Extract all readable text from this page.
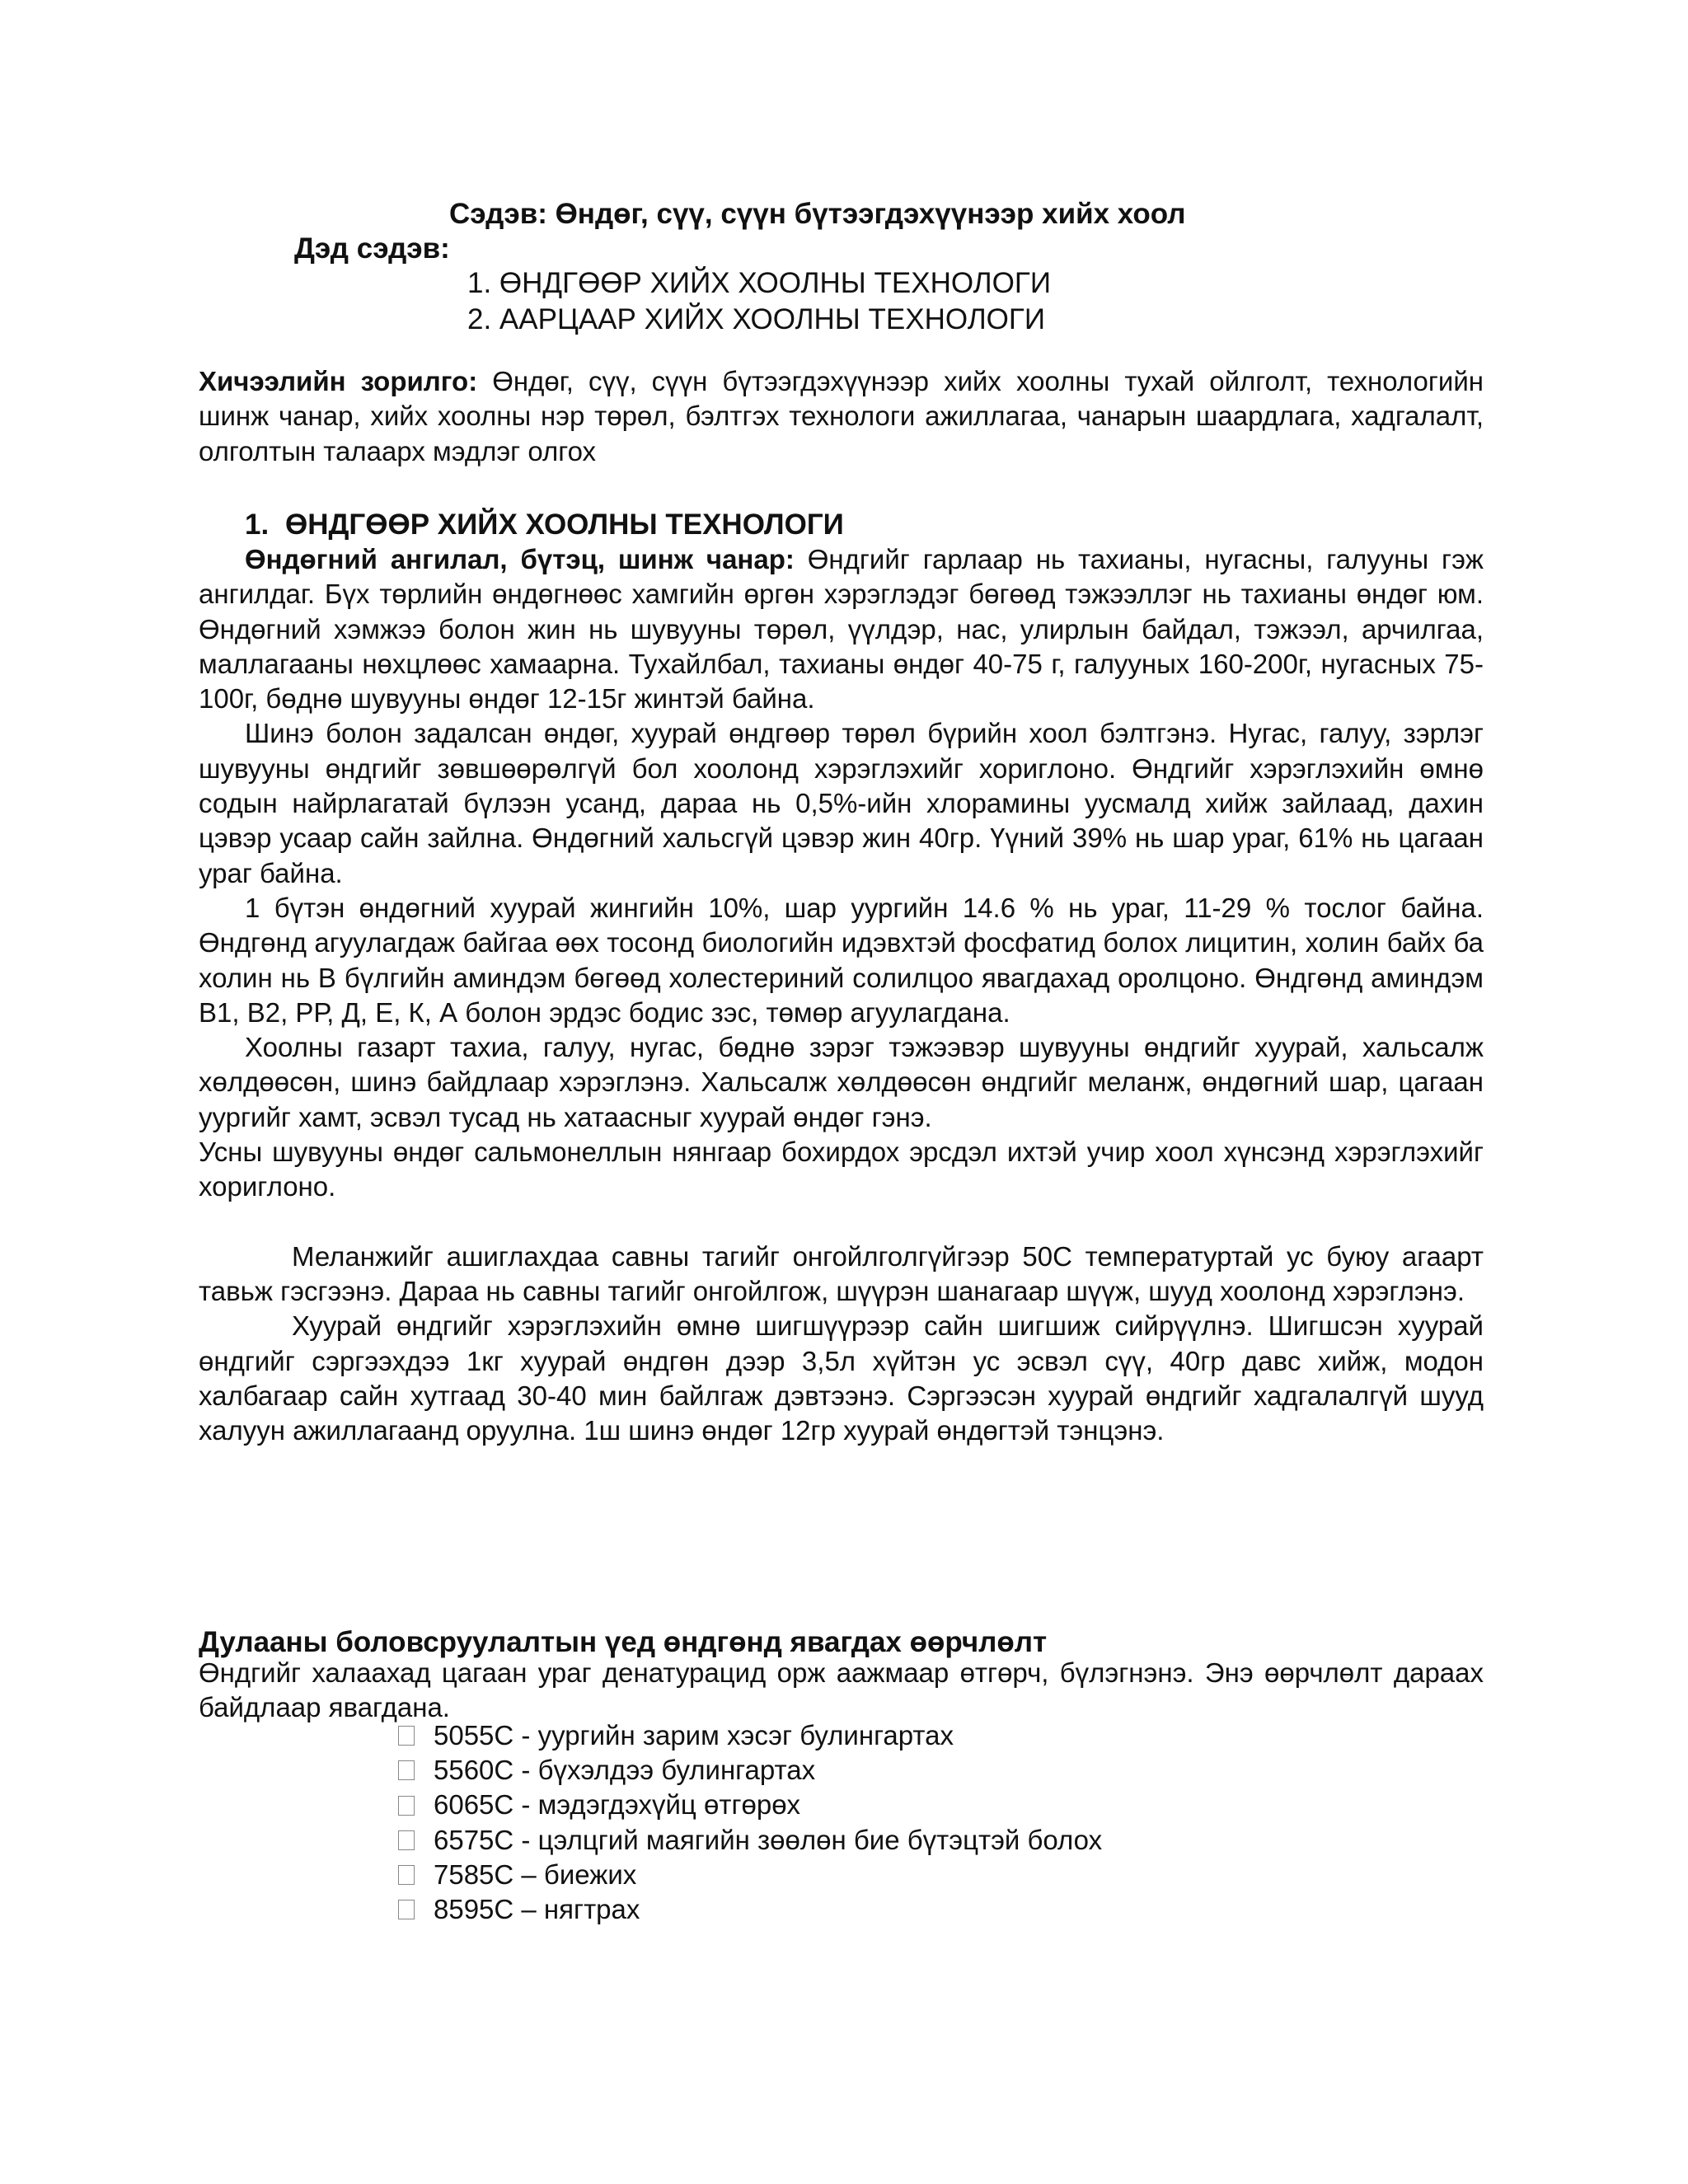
Сэдэв: Өндөг, сүү, сүүн бүтээгдэхүүнээр хийх хоол
Дэд сэдэв:
1. ӨНДГӨӨР ХИЙХ ХООЛНЫ ТЕХНОЛОГИ
2. ААРЦААР ХИЙХ ХООЛНЫ ТЕХНОЛОГИ

Хичээлийн зорилго: Өндөг, сүү, сүүн бүтээгдэхүүнээр хийх хоолны тухай ойлголт, технологийн шинж чанар, хийх хоолны нэр төрөл, бэлтгэх технологи ажиллагаа, чанарын шаардлага, хадгалалт, олголтын талаарх мэдлэг олгох

1. ӨНДГӨӨР ХИЙХ ХООЛНЫ ТЕХНОЛОГИ

Өндөгний ангилал, бүтэц, шинж чанар: Өндгийг гарлаар нь тахианы, нугасны, галууны гэж ангилдаг. Бүх төрлийн өндөгнөөс хамгийн өргөн хэрэглэдэг бөгөөд тэжээллэг нь тахианы өндөг юм. Өндөгний хэмжээ болон жин нь шувууны төрөл, үүлдэр, нас, улирлын байдал, тэжээл, арчилгаа, маллагааны нөхцлөөс хамаарна. Тухайлбал, тахианы өндөг 40-75 г, галууных 160-200г, нугасных 75-100г, бөднө шувууны өндөг 12-15г жинтэй байна.

Шинэ болон задалсан өндөг, хуурай өндгөөр төрөл бүрийн хоол бэлтгэнэ. Нугас, галуу, зэрлэг шувууны өндгийг зөвшөөрөлгүй бол хоолонд хэрэглэхийг хориглоно. Өндгийг хэрэглэхийн өмнө содын найрлагатай бүлээн усанд, дараа нь 0,5%-ийн хлорамины уусмалд хийж зайлаад, дахин цэвэр усаар сайн зайлна. Өндөгний хальсгүй цэвэр жин 40гр. Үүний 39% нь шар ураг, 61% нь цагаан ураг байна.

1 бүтэн өндөгний хуурай жингийн 10%, шар уургийн 14.6 % нь ураг, 11-29 % тослог байна. Өндгөнд агуулагдаж байгаа өөх тосонд биологийн идэвхтэй фосфатид болох лицитин, холин байх ба холин нь В бүлгийн аминдэм бөгөөд холестериний солилцоо явагдахад оролцоно. Өндгөнд аминдэм В1, В2, РР, Д, Е, К, А болон эрдэс бодис зэс, төмөр агуулагдана.

Хоолны газарт тахиа, галуу, нугас, бөднө зэрэг тэжээвэр шувууны өндгийг хуурай, хальсалж хөлдөөсөн, шинэ байдлаар хэрэглэнэ. Хальсалж хөлдөөсөн өндгийг меланж, өндөгний шар, цагаан уургийг хамт, эсвэл тусад нь хатаасныг хуурай өндөг гэнэ.

Усны шувууны өндөг сальмонеллын нянгаар бохирдох эрсдэл ихтэй учир хоол хүнсэнд хэрэглэхийг хориглоно.

Меланжийг ашиглахдаа савны тагийг онгойлголгүйгээр 50С температуртай ус буюу агаарт тавьж гэсгээнэ. Дараа нь савны тагийг онгойлгож, шүүрэн шанагаар шүүж, шууд хоолонд хэрэглэнэ.

Хуурай өндгийг хэрэглэхийн өмнө шигшүүрээр сайн шигшиж сийрүүлнэ. Шигшсэн хуурай өндгийг сэргээхдээ 1кг хуурай өндгөн дээр 3,5л хүйтэн ус эсвэл сүү, 40гр давс хийж, модон халбагаар сайн хутгаад 30-40 мин байлгаж дэвтээнэ. Сэргээсэн хуурай өндгийг хадгалалгүй шууд халуун ажиллагаанд оруулна. 1ш шинэ өндөг 12гр хуурай өндөгтэй тэнцэнэ.

Дулааны боловсруулалтын үед өндгөнд явагдах өөрчлөлт

Өндгийг халаахад цагаан ураг денатурацид орж аажмаар өтгөрч, бүлэгнэнэ. Энэ өөрчлөлт дараах байдлаар явагдана.

5055С - уургийн зарим хэсэг булингартах
5560С - бүхэлдээ булингартах
6065С - мэдэгдэхүйц өтгөрөх
6575С - цэлцгий маягийн зөөлөн бие бүтэцтэй болох
7585С – биежих
8595С – нягтрах
